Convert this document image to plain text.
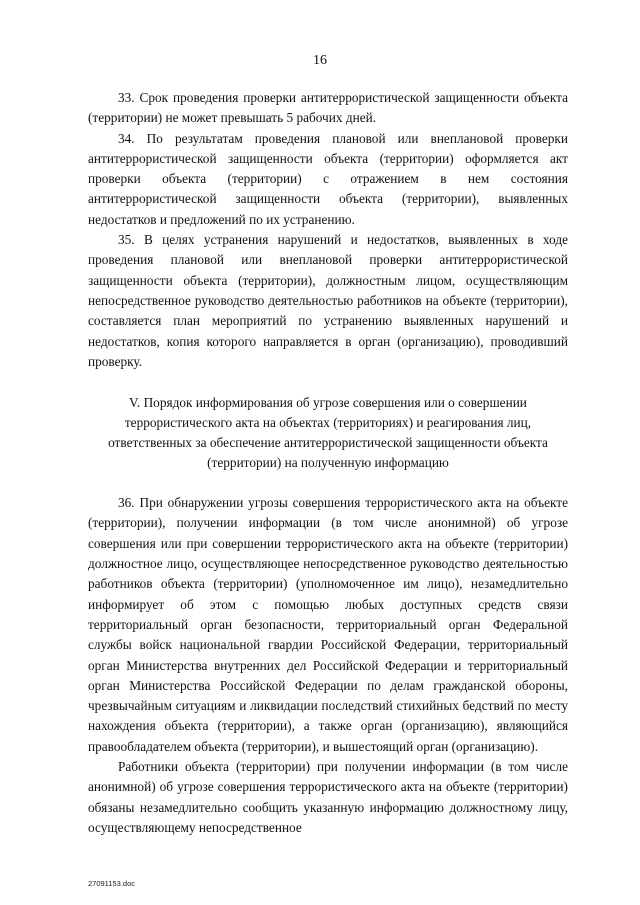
16

33. Срок проведения проверки антитеррористической защищенности объекта (территории) не может превышать 5 рабочих дней.

34. По результатам проведения плановой или внеплановой проверки антитеррористической защищенности объекта (территории) оформляется акт проверки объекта (территории) с отражением в нем состояния антитеррористической защищенности объекта (территории), выявленных недостатков и предложений по их устранению.

35. В целях устранения нарушений и недостатков, выявленных в ходе проведения плановой или внеплановой проверки антитеррористической защищенности объекта (территории), должностным лицом, осуществляющим непосредственное руководство деятельностью работников на объекте (территории), составляется план мероприятий по устранению выявленных нарушений и недостатков, копия которого направляется в орган (организацию), проводивший проверку.

V. Порядок информирования об угрозе совершения или о совершении террористического акта на объектах (территориях) и реагирования лиц, ответственных за обеспечение антитеррористической защищенности объекта (территории) на полученную информацию

36. При обнаружении угрозы совершения террористического акта на объекте (территории), получении информации (в том числе анонимной) об угрозе совершения или при совершении террористического акта на объекте (территории) должностное лицо, осуществляющее непосредственное руководство деятельностью работников объекта (территории) (уполномоченное им лицо), незамедлительно информирует об этом с помощью любых доступных средств связи территориальный орган безопасности, территориальный орган Федеральной службы войск национальной гвардии Российской Федерации, территориальный орган Министерства внутренних дел Российской Федерации и территориальный орган Министерства Российской Федерации по делам гражданской обороны, чрезвычайным ситуациям и ликвидации последствий стихийных бедствий по месту нахождения объекта (территории), а также орган (организацию), являющийся правообладателем объекта (территории), и вышестоящий орган (организацию).

Работники объекта (территории) при получении информации (в том числе анонимной) об угрозе совершения террористического акта на объекте (территории) обязаны незамедлительно сообщить указанную информацию должностному лицу, осуществляющему непосредственное

27091153.doc
